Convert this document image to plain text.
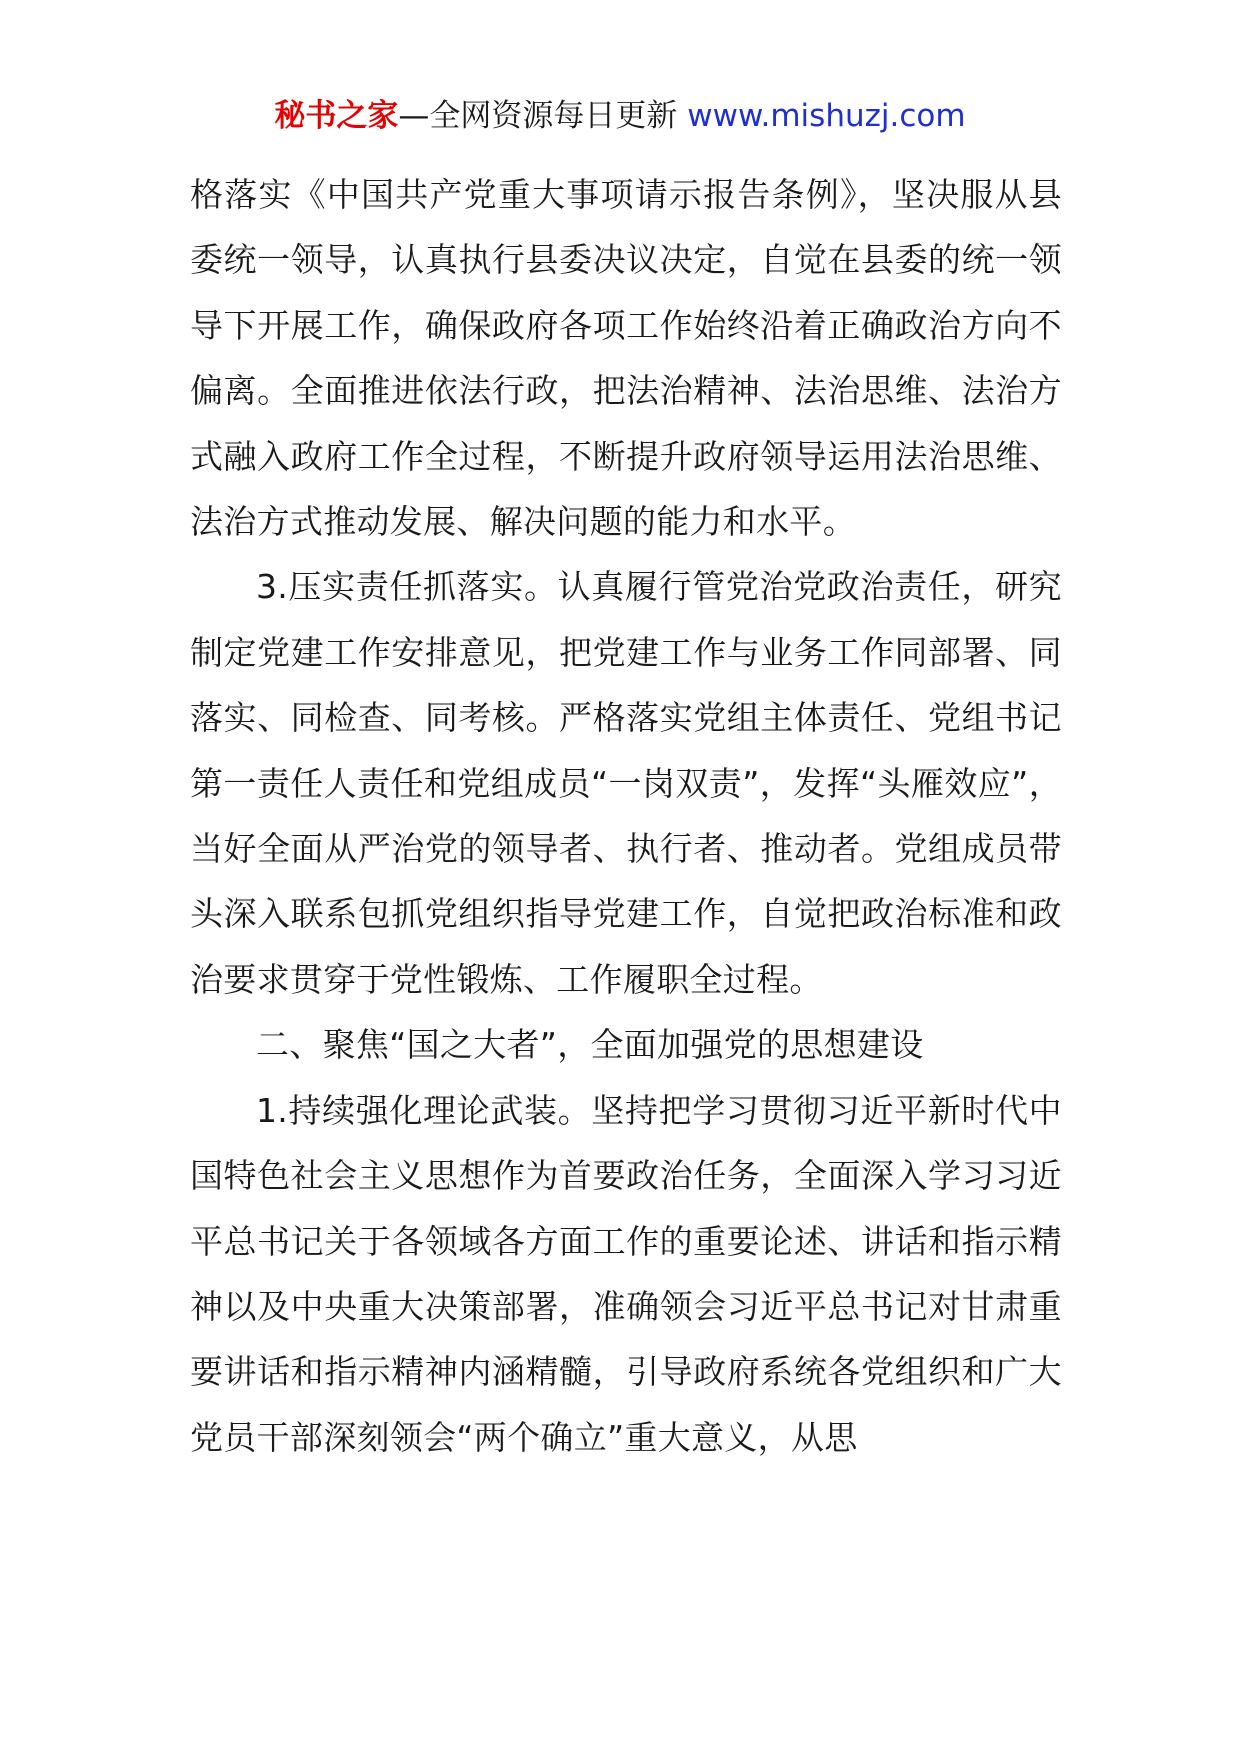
秘书之家—全网资源每日更新 www.mishuzj.com

格落实《中国共产党重大事项请示报告条例》，坚决服从县委统一领导，认真执行县委决议决定，自觉在县委的统一领导下开展工作，确保政府各项工作始终沿着正确政治方向不偏离。全面推进依法行政，把法治精神、法治思维、法治方式融入政府工作全过程，不断提升政府领导运用法治思维、法治方式推动发展、解决问题的能力和水平。

3.压实责任抓落实。认真履行管党治党政治责任，研究制定党建工作安排意见，把党建工作与业务工作同部署、同落实、同检查、同考核。严格落实党组主体责任、党组书记第一责任人责任和党组成员“一岗双责”，发挥“头雁效应”，当好全面从严治党的领导者、执行者、推动者。党组成员带头深入联系包抓党组织指导党建工作，自觉把政治标准和政治要求贯穿于党性锻炼、工作履职全过程。

二、聚焦“国之大者”，全面加强党的思想建设

1.持续强化理论武装。坚持把学习贯彻习近平新时代中国特色社会主义思想作为首要政治任务，全面深入学习习近平总书记关于各领域各方面工作的重要论述、讲话和指示精神以及中央重大决策部署，准确领会习近平总书记对甘肃重要讲话和指示精神内涵精髓，引导政府系统各党组织和广大党员干部深刻领会“两个确立”重大意义，从思
